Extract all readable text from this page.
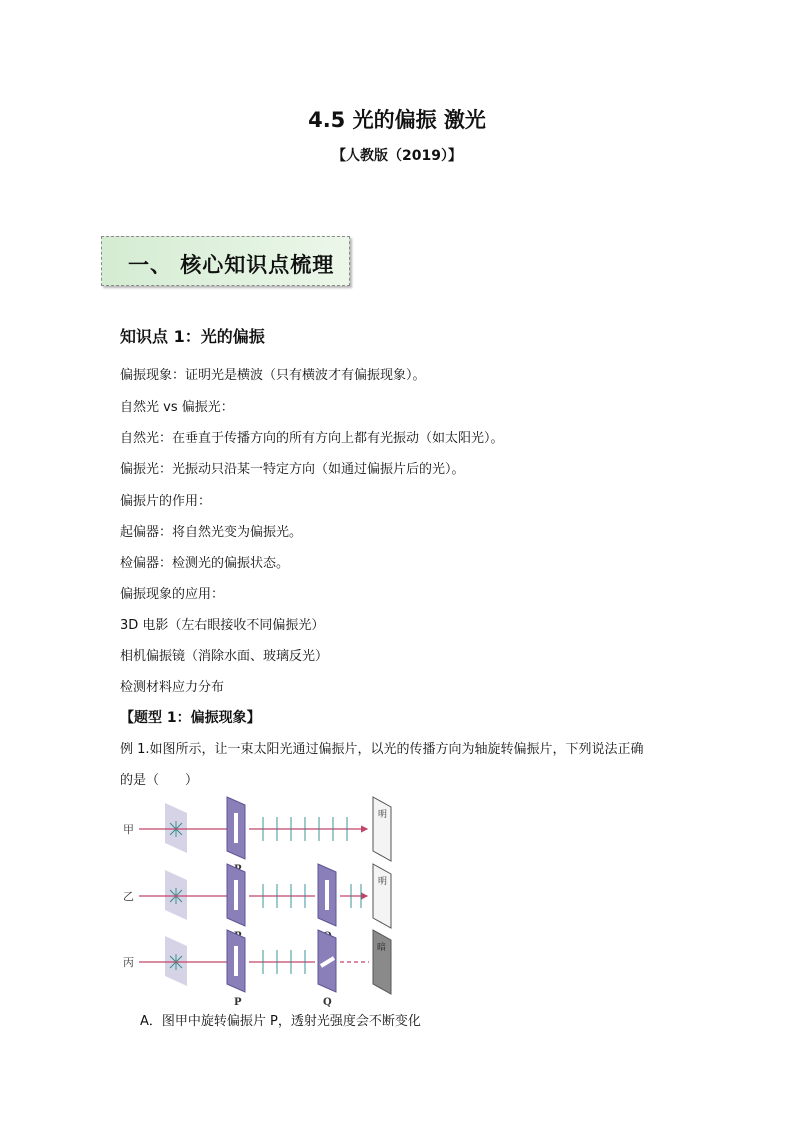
4.5 光的偏振 激光
【人教版（2019）】
一、 核心知识点梳理
知识点 1：光的偏振
偏振现象：证明光是横波（只有横波才有偏振现象）。
自然光 vs 偏振光：
自然光：在垂直于传播方向的所有方向上都有光振动（如太阳光）。
偏振光：光振动只沿某一特定方向（如通过偏振片后的光）。
偏振片的作用：
起偏器：将自然光变为偏振光。
检偏器：检测光的偏振状态。
偏振现象的应用：
3D 电影（左右眼接收不同偏振光）
相机偏振镜（消除水面、玻璃反光）
检测材料应力分布
【题型 1：偏振现象】
例 1.如图所示，让一束太阳光通过偏振片，以光的传播方向为轴旋转偏振片，下列说法正确
的是（　　）
甲
明
乙
明
丙
P	Q
暗
A．图甲中旋转偏振片 P，透射光强度会不断变化
